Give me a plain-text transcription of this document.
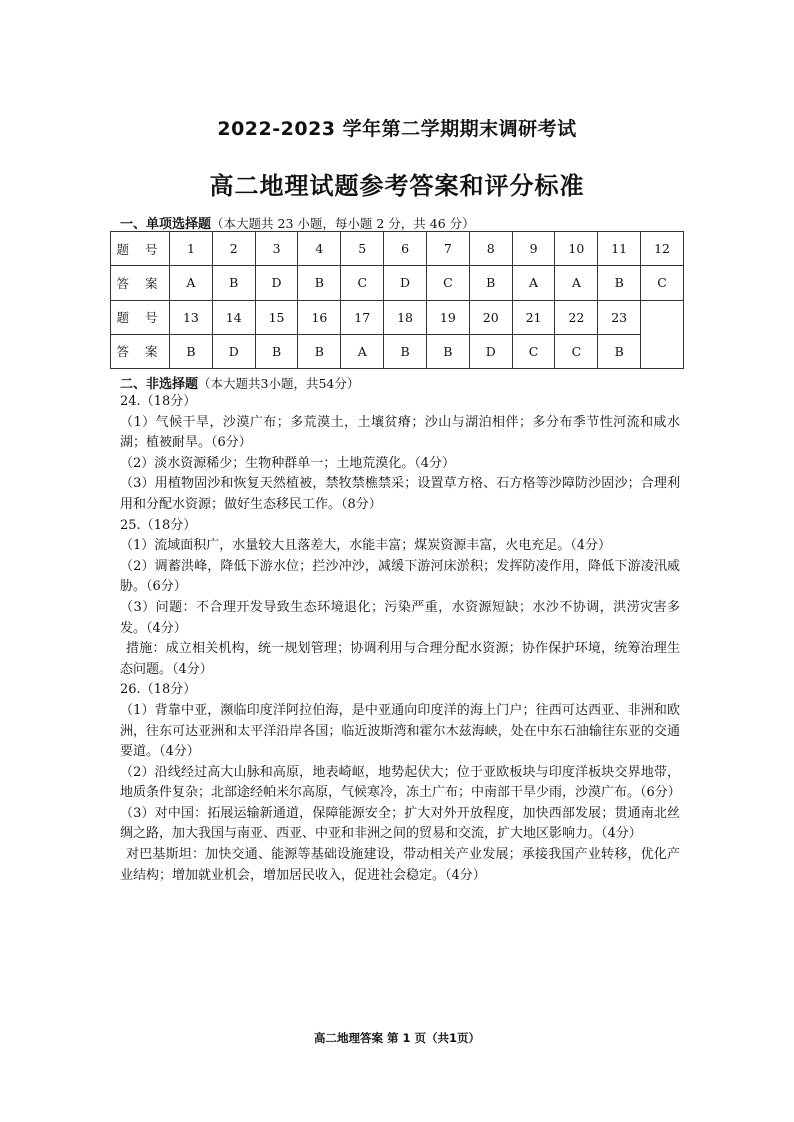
2022-2023 学年第二学期期末调研考试
高二地理试题参考答案和评分标准
一、单项选择题（本大题共 23 小题，每小题 2 分，共 46 分）
题 号	1	2	3	4	5	6	7	8	9	10	11	12
答 案	A	B	D	B	C	D	C	B	A	A	B	C
题 号	13	14	15	16	17	18	19	20	21	22	23	
答 案	B	D	B	B	A	B	B	D	C	C	B	
二、非选择题（本大题共3小题，共54分）

24.（18分）

（1）气候干旱，沙漠广布；多荒漠土，土壤贫瘠；沙山与湖泊相伴；多分布季节性河流和咸水湖；植被耐旱。（6分）

（2）淡水资源稀少；生物种群单一；土地荒漠化。（4分）

（3）用植物固沙和恢复天然植被，禁牧禁樵禁采；设置草方格、石方格等沙障防沙固沙；合理利用和分配水资源；做好生态移民工作。（8分）

25.（18分）

（1）流域面积广，水量较大且落差大，水能丰富；煤炭资源丰富，火电充足。（4分）

（2）调蓄洪峰，降低下游水位；拦沙冲沙，减缓下游河床淤积；发挥防凌作用，降低下游凌汛威胁。（6分）

（3）问题：不合理开发导致生态环境退化；污染严重，水资源短缺；水沙不协调，洪涝灾害多发。（4分）

措施：成立相关机构，统一规划管理；协调利用与合理分配水资源；协作保护环境，统筹治理生态问题。（4分）

26.（18分）

（1）背靠中亚，濒临印度洋阿拉伯海，是中亚通向印度洋的海上门户；往西可达西亚、非洲和欧洲，往东可达亚洲和太平洋沿岸各国；临近波斯湾和霍尔木兹海峡，处在中东石油输往东亚的交通要道。（4分）

（2）沿线经过高大山脉和高原，地表崎岖，地势起伏大；位于亚欧板块与印度洋板块交界地带，地质条件复杂；北部途经帕米尔高原，气候寒冷，冻土广布；中南部干旱少雨，沙漠广布。（6分）

（3）对中国：拓展运输新通道，保障能源安全；扩大对外开放程度，加快西部发展；贯通南北丝绸之路，加大我国与南亚、西亚、中亚和非洲之间的贸易和交流，扩大地区影响力。（4分）

对巴基斯坦：加快交通、能源等基础设施建设，带动相关产业发展；承接我国产业转移，优化产业结构；增加就业机会，增加居民收入，促进社会稳定。（4分）

高二地理答案 第 1 页（共1页）
